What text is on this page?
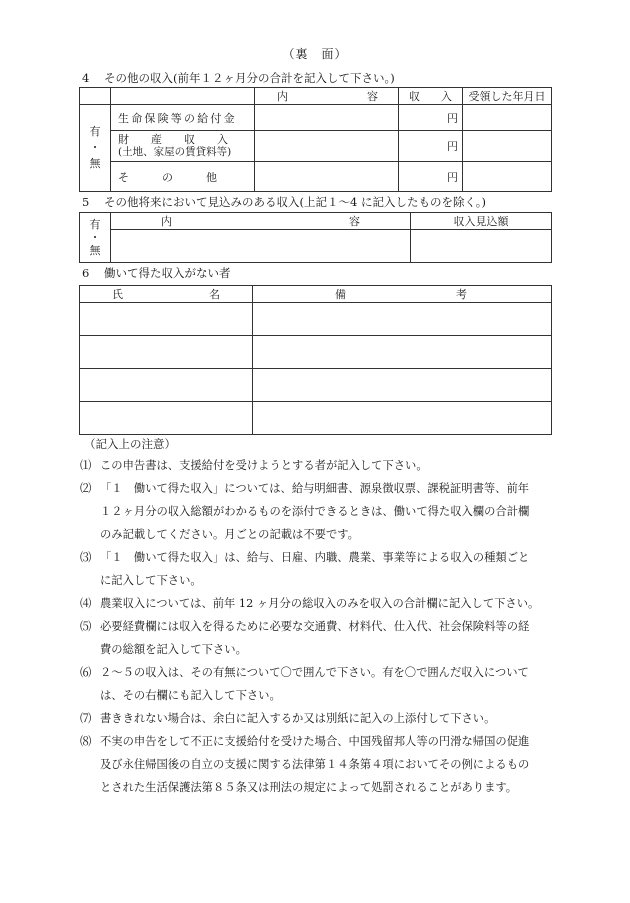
（裏　面）
4 その他の収入(前年１２ヶ月分の合計を記入して下さい。)
		内容	収入	受領した年月日

有
・
無	生命保険等の給付金		円	

	財　　産　　収　　入
(土地、家屋の賃貸料等)		円	
	そ　　　の　　　他		円	
5 その他将来において見込みのある収入(上記１～4 に記入したものを除く。)
有
・
無	内容	収入見込額

6 働いて得た収入がない者
氏名	備考

（記入上の注意）
⑴ この申告書は、支援給付を受けようとする者が記入して下さい。
⑵ 「１　働いて得た収入」については、給与明細書、源泉徴収票、課税証明書等、前年
１２ヶ月分の収入総額がわかるものを添付できるときは、働いて得た収入欄の合計欄
のみ記載してください。月ごとの記載は不要です。
⑶ 「１　働いて得た収入」は、給与、日雇、内職、農業、事業等による収入の種類ごと
に記入して下さい。
⑷ 農業収入については、前年 12 ヶ月分の総収入のみを収入の合計欄に記入して下さい。
⑸ 必要経費欄には収入を得るために必要な交通費、材料代、仕入代、社会保険料等の経
費の総額を記入して下さい。
⑹ ２～５の収入は、その有無について〇で囲んで下さい。有を〇で囲んだ収入について
は、その右欄にも記入して下さい。
⑺ 書ききれない場合は、余白に記入するか又は別紙に記入の上添付して下さい。
⑻ 不実の申告をして不正に支援給付を受けた場合、中国残留邦人等の円滑な帰国の促進
及び永住帰国後の自立の支援に関する法律第１４条第４項においてその例によるもの
とされた生活保護法第８５条又は刑法の規定によって処罰されることがあります。
